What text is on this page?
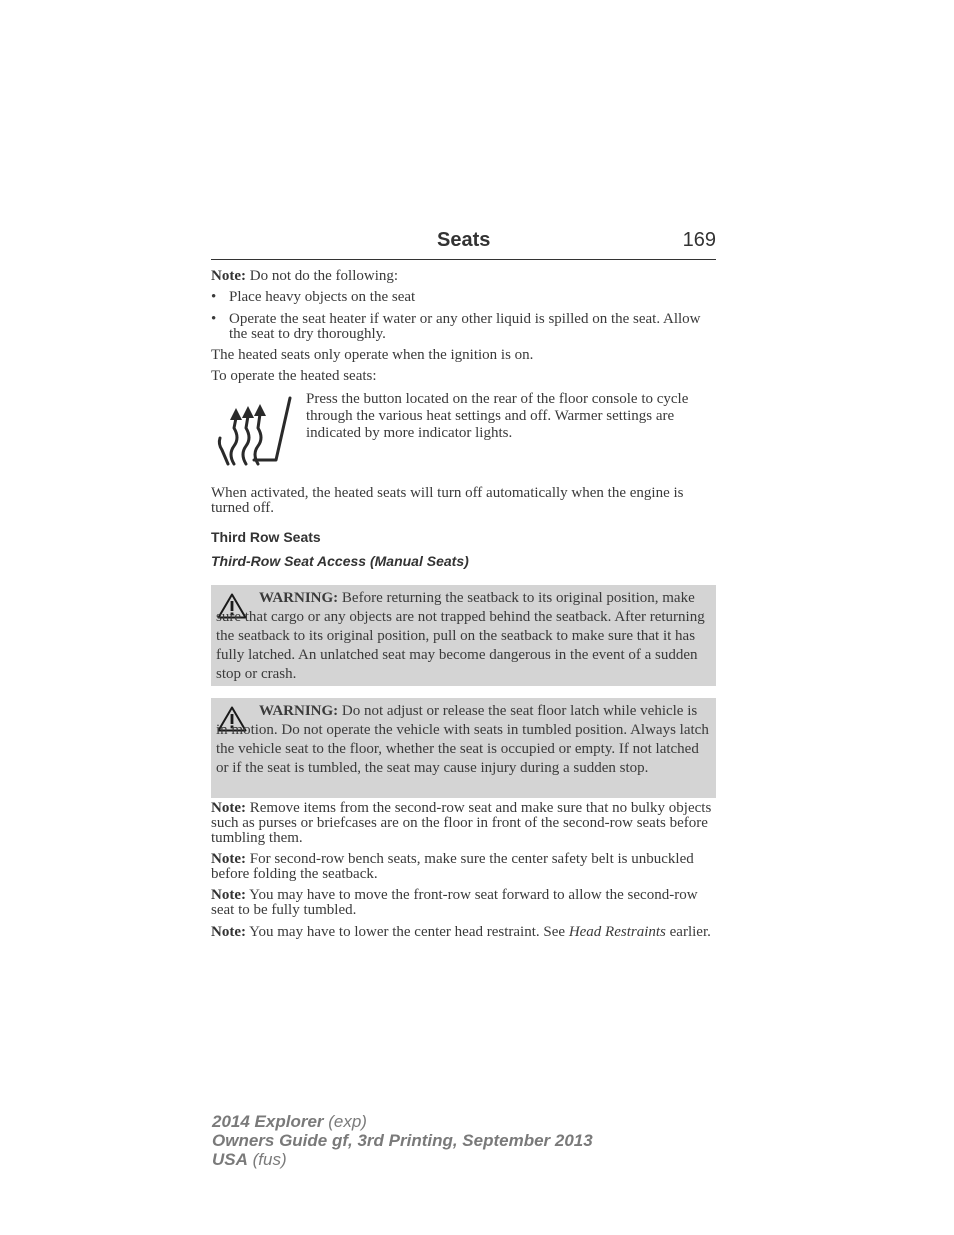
Seats	169

Note: Do not do the following:

• Place heavy objects on the seat
• Operate the seat heater if water or any other liquid is spilled on the seat. Allow the seat to dry thoroughly.

The heated seats only operate when the ignition is on.

To operate the heated seats:

Press the button located on the rear of the floor console to cycle through the various heat settings and off. Warmer settings are indicated by more indicator lights.

When activated, the heated seats will turn off automatically when the engine is turned off.

Third Row Seats
Third-Row Seat Access (Manual Seats)
WARNING: Before returning the seatback to its original position, make sure that cargo or any objects are not trapped behind the seatback. After returning the seatback to its original position, pull on the seatback to make sure that it has fully latched. An unlatched seat may become dangerous in the event of a sudden stop or crash.
WARNING: Do not adjust or release the seat floor latch while vehicle is in motion. Do not operate the vehicle with seats in tumbled position. Always latch the vehicle seat to the floor, whether the seat is occupied or empty. If not latched or if the seat is tumbled, the seat may cause injury during a sudden stop.

Note: Remove items from the second-row seat and make sure that no bulky objects such as purses or briefcases are on the floor in front of the second-row seats before tumbling them.

Note: For second-row bench seats, make sure the center safety belt is unbuckled before folding the seatback.

Note: You may have to move the front-row seat forward to allow the second-row seat to be fully tumbled.

Note: You may have to lower the center head restraint. See Head Restraints earlier.

2014 Explorer (exp)
Owners Guide gf, 3rd Printing, September 2013
USA (fus)
